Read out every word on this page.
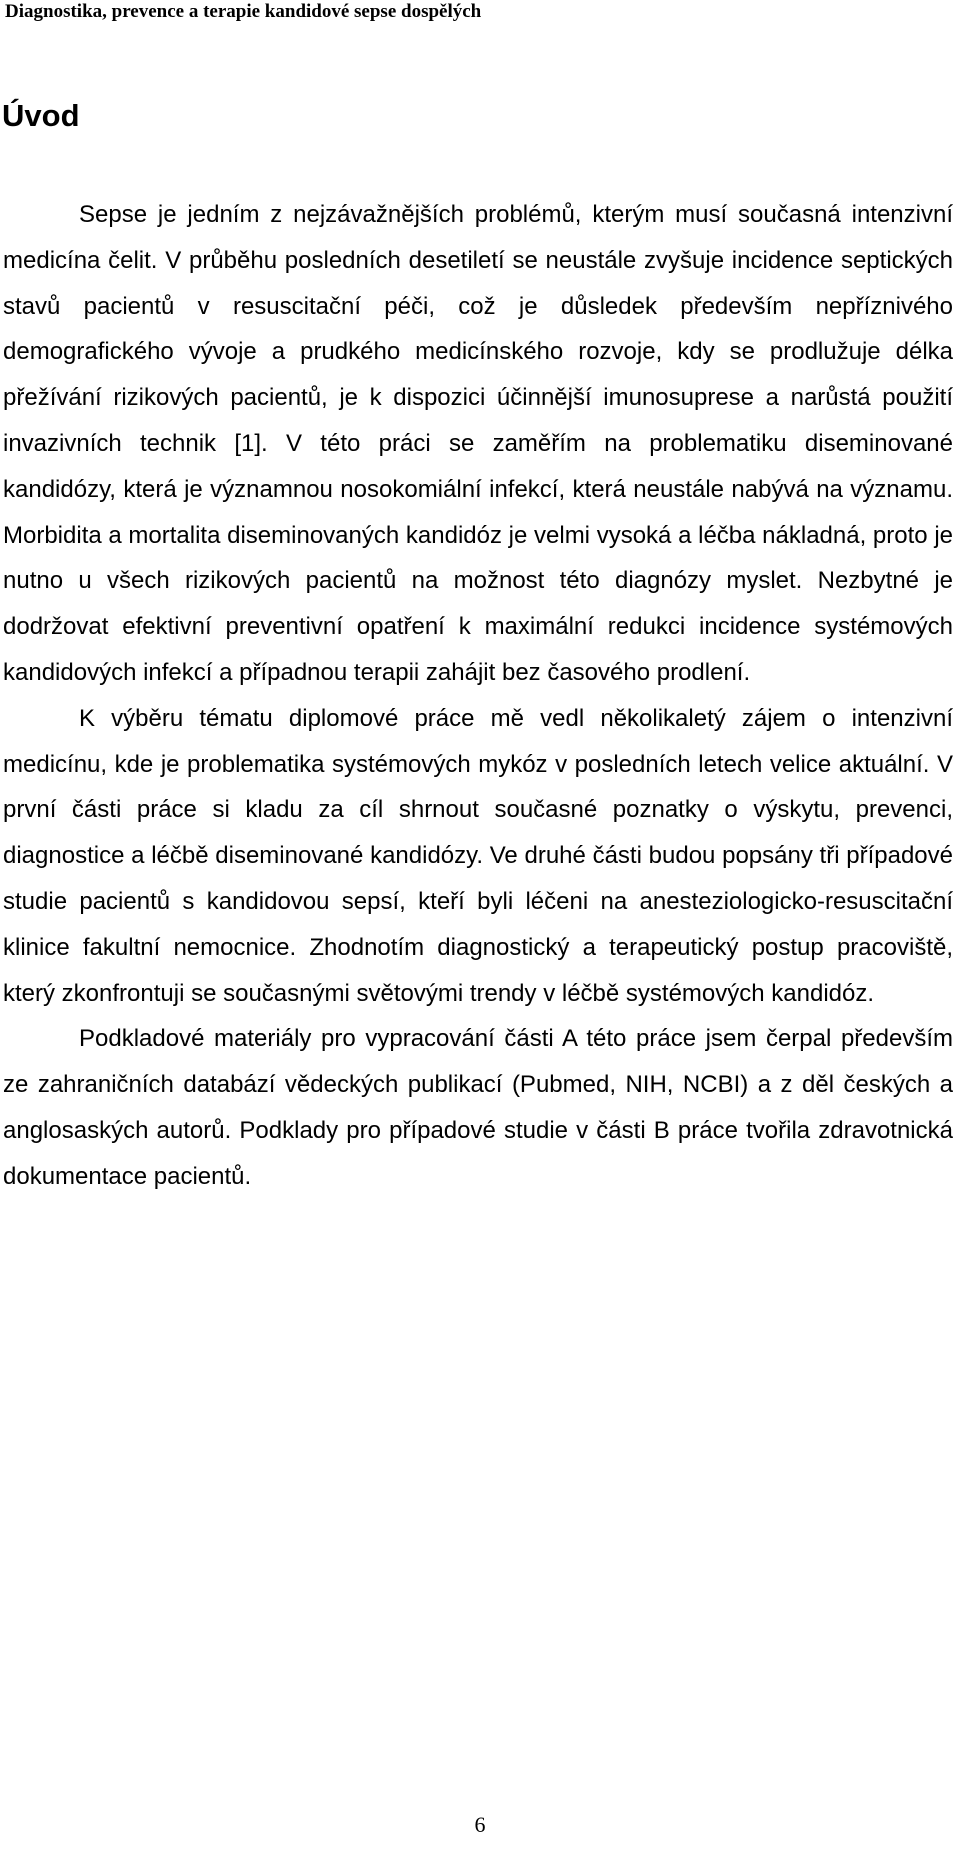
Diagnostika, prevence a terapie kandidové sepse dospělých
Úvod

Sepse je jedním z nejzávažnějších problémů, kterým musí současná intenzivní medicína čelit. V průběhu posledních desetiletí se neustále zvyšuje incidence septických stavů pacientů v resuscitační péči, což je důsledek především nepříznivého demografického vývoje a prudkého medicínského rozvoje, kdy se prodlužuje délka přežívání rizikových pacientů, je k dispozici účinnější imunosuprese a narůstá použití invazivních technik [1]. V této práci se zaměřím na problematiku diseminované kandidózy, která je významnou nosokomiální infekcí, která neustále nabývá na významu. Morbidita a mortalita diseminovaných kandidóz je velmi vysoká a léčba nákladná, proto je nutno u všech rizikových pacientů na možnost této diagnózy myslet. Nezbytné je dodržovat efektivní preventivní opatření k maximální redukci incidence systémových kandidových infekcí a případnou terapii zahájit bez časového prodlení.

K výběru tématu diplomové práce mě vedl několikaletý zájem o intenzivní medicínu, kde je problematika systémových mykóz v posledních letech velice aktuální. V první části práce si kladu za cíl shrnout současné poznatky o výskytu, prevenci, diagnostice a léčbě diseminované kandidózy. Ve druhé části budou popsány tři případové studie pacientů s kandidovou sepsí, kteří byli léčeni na anesteziologicko-resuscitační klinice fakultní nemocnice. Zhodnotím diagnostický a terapeutický postup pracoviště, který zkonfrontuji se současnými světovými trendy v léčbě systémových kandidóz.

Podkladové materiály pro vypracování části A této práce jsem čerpal především ze zahraničních databází vědeckých publikací (Pubmed, NIH, NCBI) a z děl českých a anglosaských autorů. Podklady pro případové studie v části B práce tvořila zdravotnická dokumentace pacientů.

6
